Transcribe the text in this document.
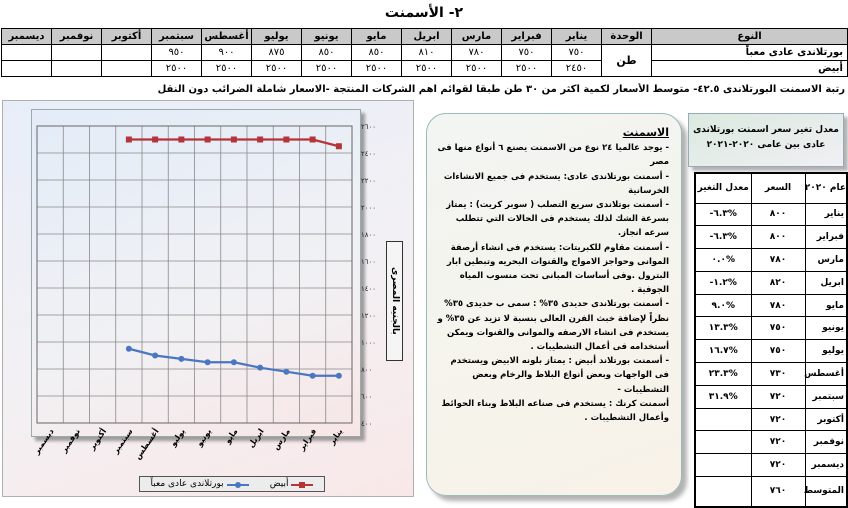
٢- الأسمنت
النوع	الوحدة	يناير	فبراير	مارس	ابريل	مايو	يونيو	يوليو	أغسطس	سبتمبر	أكتوبر	نوفمبر	ديسمبر
بورتلاندى عادى معباً	طن	٧٥٠	٧٥٠	٧٨٠	٨١٠	٨٥٠	٨٥٠	٨٧٥	٩٠٠	٩٥٠			
أبيض		٢٤٥٠	٢٥٠٠	٢٥٠٠	٢٥٠٠	٢٥٠٠	٢٥٠٠	٢٥٠٠	٢٥٠٠	٢٥٠٠			
رتبة الاسمنت البورتلاندى ٤٢.٥- متوسط الأسعار لكمية اكثر من ٣٠ طن طبقا لقوائم اهم الشركات المنتجة -الاسعار شاملة الضرائب دون النقل
٤٠٠
٦٠٠
٨٠٠
١٠٠٠
١٢٠٠
١٤٠٠
١٦٠٠
١٨٠٠
٢٠٠٠
٢٢٠٠
٢٤٠٠
٢٦٠٠
يناير
فبراير
مارس
ابريل
مايو
يونيو
يوليو
أغسطس
سبتمبر
أكتوبر
نوفمبر
ديسمبر
بالجنيه المصرى
أبيض
بورتلاندى عادى معباً
الاسمنت

- يوجد عالميا ٢٤ نوع من الاسمنت يصنع ٦ أنواع منها فى مصر

- أسمنت بورتلاندى عادى: يستخدم فى جميع الانشاءات الخرسانية

- أسمنت بوتلاندى سريع التصلب ( سوبر كريت) : يمتاز بسرعة الشك لذلك يستخدم فى الحالات التي تتطلب سرعه انجاز.

- أسمنت مقاوم للكبريتات: يستخدم فى انشاء أرصفة الموانى وحواجز الامواج والقنوات البحريه وتبطين ابار البترول .وفى أساسات المبانى تحت منسوب المياه الجوفية .

- أسمنت بورتلاندى حديدى ٣٥% : سمى ب حديدى ٣٥% نظراً لإضافة خبث الفرن العالى بنسبة لا تزيد عن ٣٥% و يستخدم فى انشاء الارصفه والموانى والقنوات ويمكن أستخدامه فى أعمال التشطيبات .

- أسمنت بورتلاند أبيض : يمتاز بلونه الابيض ويستخدم فى الواجهات وبعض أنواع البلاط والرخام وبعض التشطيبات -

أسمنت كرنك : يستخدم فى صناعه البلاط وبناء الحوائط وأعمال التشطيبات .

معدل تغير سعر اسمنت بورتلاندى عادى بين عامى ٢٠٢٠-٢٠٢١
عام ٢٠٢٠	السعر	معدل التغير
يناير	٨٠٠	%٦.٣-
فبراير	٨٠٠	%٦.٣-
مارس	٧٨٠	%٠.٠
ابريل	٨٢٠	%١.٢-
مايو	٧٨٠	%٩.٠
يونيو	٧٥٠	%١٣.٣
يوليو	٧٥٠	%١٦.٧
أغسطس	٧٣٠	%٢٣.٣
سبتمبر	٧٢٠	%٣١.٩
أكتوبر	٧٢٠	
نوفمبر	٧٢٠	
ديسمبر	٧٢٠	
المتوسط	٧٦٠	
